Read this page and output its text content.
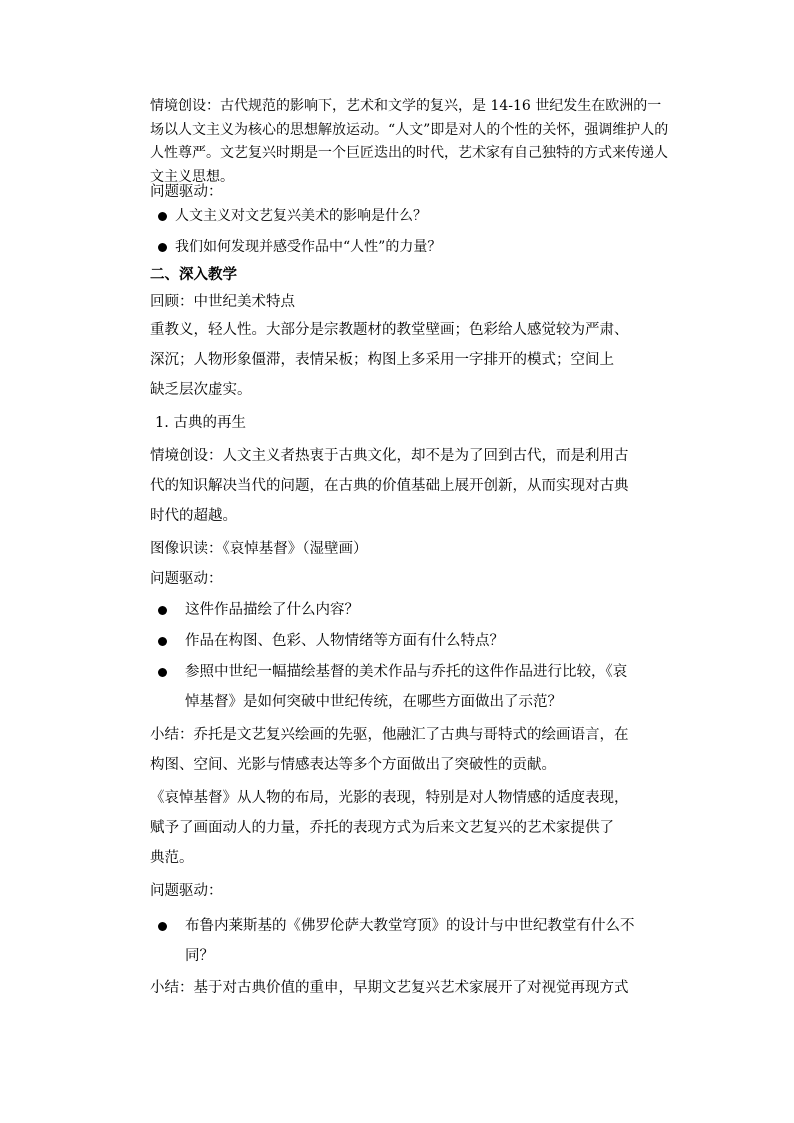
情境创设：古代规范的影响下，艺术和文学的复兴，是 14-16 世纪发生在欧洲的一场以人文主义为核心的思想解放运动。“人文”即是对人的个性的关怀，强调维护人的人性尊严。文艺复兴时期是一个巨匠迭出的时代，艺术家有自己独特的方式来传递人文主义思想。

问题驱动：
人文主义对文艺复兴美术的影响是什么？
我们如何发现并感受作品中“人性”的力量？
二、深入教学
回顾：中世纪美术特点
重教义，轻人性。大部分是宗教题材的教堂壁画；色彩给人感觉较为严肃、
深沉；人物形象僵滞，表情呆板；构图上多采用一字排开的模式；空间上
缺乏层次虚实。
1. 古典的再生
情境创设：人文主义者热衷于古典文化，却不是为了回到古代，而是利用古
代的知识解决当代的问题，在古典的价值基础上展开创新，从而实现对古典
时代的超越。
图像识读：《哀悼基督》（湿壁画）
问题驱动：
这件作品描绘了什么内容？
作品在构图、色彩、人物情绪等方面有什么特点？
参照中世纪一幅描绘基督的美术作品与乔托的这件作品进行比较，《哀
悼基督》是如何突破中世纪传统，在哪些方面做出了示范？
小结：乔托是文艺复兴绘画的先驱，他融汇了古典与哥特式的绘画语言，在
构图、空间、光影与情感表达等多个方面做出了突破性的贡献。
《哀悼基督》从人物的布局，光影的表现，特别是对人物情感的适度表现，
赋予了画面动人的力量，乔托的表现方式为后来文艺复兴的艺术家提供了
典范。
问题驱动：
布鲁内莱斯基的《佛罗伦萨大教堂穹顶》的设计与中世纪教堂有什么不
同？
小结：基于对古典价值的重申，早期文艺复兴艺术家展开了对视觉再现方式
